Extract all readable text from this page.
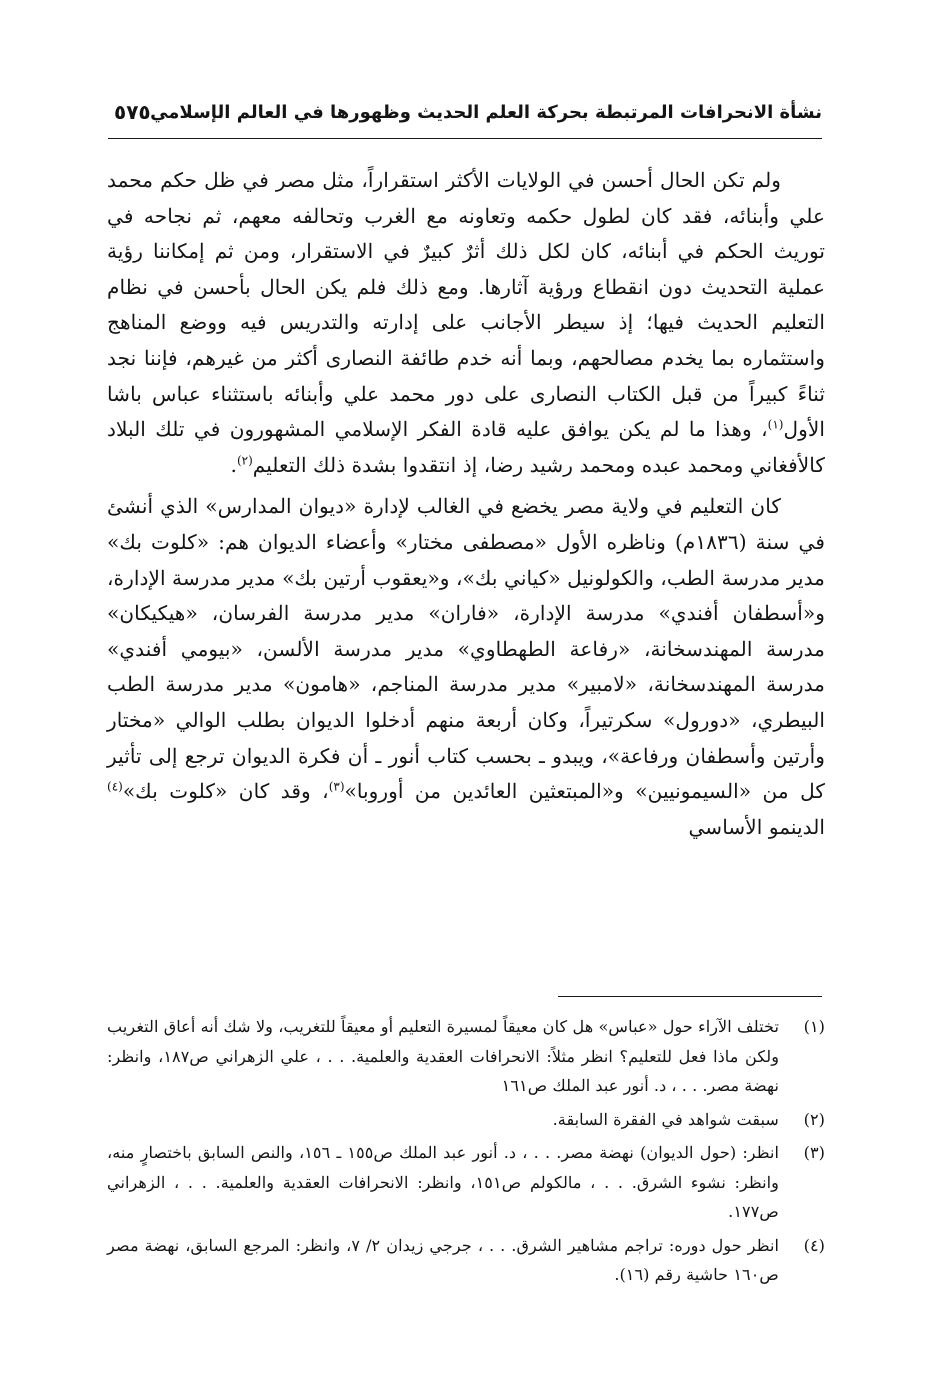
نشأة الانحرافات المرتبطة بحركة العلم الحديث وظهورها في العالم الإسلامي
٥٧٥

ولم تكن الحال أحسن في الولايات الأكثر استقراراً، مثل مصر في ظل حكم محمد علي وأبنائه، فقد كان لطول حكمه وتعاونه مع الغرب وتحالفه معهم، ثم نجاحه في توريث الحكم في أبنائه، كان لكل ذلك أثرٌ كبيرٌ في الاستقرار، ومن ثم إمكاننا رؤية عملية التحديث دون انقطاع ورؤية آثارها. ومع ذلك فلم يكن الحال بأحسن في نظام التعليم الحديث فيها؛ إذ سيطر الأجانب على إدارته والتدريس فيه ووضع المناهج واستثماره بما يخدم مصالحهم، وبما أنه خدم طائفة النصارى أكثر من غيرهم، فإننا نجد ثناءً كبيراً من قبل الكتاب النصارى على دور محمد علي وأبنائه باستثناء عباس باشا الأول$^{(١)}$، وهذا ما لم يكن يوافق عليه قادة الفكر الإسلامي المشهورون في تلك البلاد كالأفغاني ومحمد عبده ومحمد رشيد رضا، إذ انتقدوا بشدة ذلك التعليم$^{(٢)}$.

كان التعليم في ولاية مصر يخضع في الغالب لإدارة «ديوان المدارس» الذي أنشئ في سنة (١٨٣٦م) وناظره الأول «مصطفى مختار» وأعضاء الديوان هم: «كلوت بك» مدير مدرسة الطب، والكولونيل «كياني بك»، و«يعقوب أرتين بك» مدير مدرسة الإدارة، و«أسطفان أفندي» مدرسة الإدارة، «فاران» مدير مدرسة الفرسان، «هيكيكان» مدرسة المهندسخانة، «رفاعة الطهطاوي» مدير مدرسة الألسن، «بيومي أفندي» مدرسة المهندسخانة، «لامبير» مدير مدرسة المناجم، «هامون» مدير مدرسة الطب البيطري، «دورول» سكرتيراً، وكان أربعة منهم أدخلوا الديوان بطلب الوالي «مختار وأرتين وأسطفان ورفاعة»، ويبدو ـ بحسب كتاب أنور ـ أن فكرة الديوان ترجع إلى تأثير كل من «السيمونيين» و«المبتعثين العائدين من أوروبا»$^{(٣)}$، وقد كان «كلوت بك»$^{(٤)}$ الدينمو الأساسي

(١)
تختلف الآراء حول «عباس» هل كان معيقاً لمسيرة التعليم أو معيقاً للتغريب، ولا شك أنه أعاق التغريب ولكن ماذا فعل للتعليم؟ انظر مثلاً: الانحرافات العقدية والعلمية. . . ، علي الزهراني ص١٨٧، وانظر: نهضة مصر. . . ، د. أنور عبد الملك ص١٦١
(٢)
سبقت شواهد في الفقرة السابقة.
(٣)
انظر: (حول الديوان) نهضة مصر. . . ، د. أنور عبد الملك ص١٥٥ ـ ١٥٦، والنص السابق باختصارٍ منه، وانظر: نشوء الشرق. . . ، مالكولم ص١٥١، وانظر: الانحرافات العقدية والعلمية. . . ، الزهراني ص١٧٧.
(٤)
انظر حول دوره: تراجم مشاهير الشرق. . . ، جرجي زيدان ٢/ ٧، وانظر: المرجع السابق، نهضة مصر ص١٦٠ حاشية رقم (١٦).
